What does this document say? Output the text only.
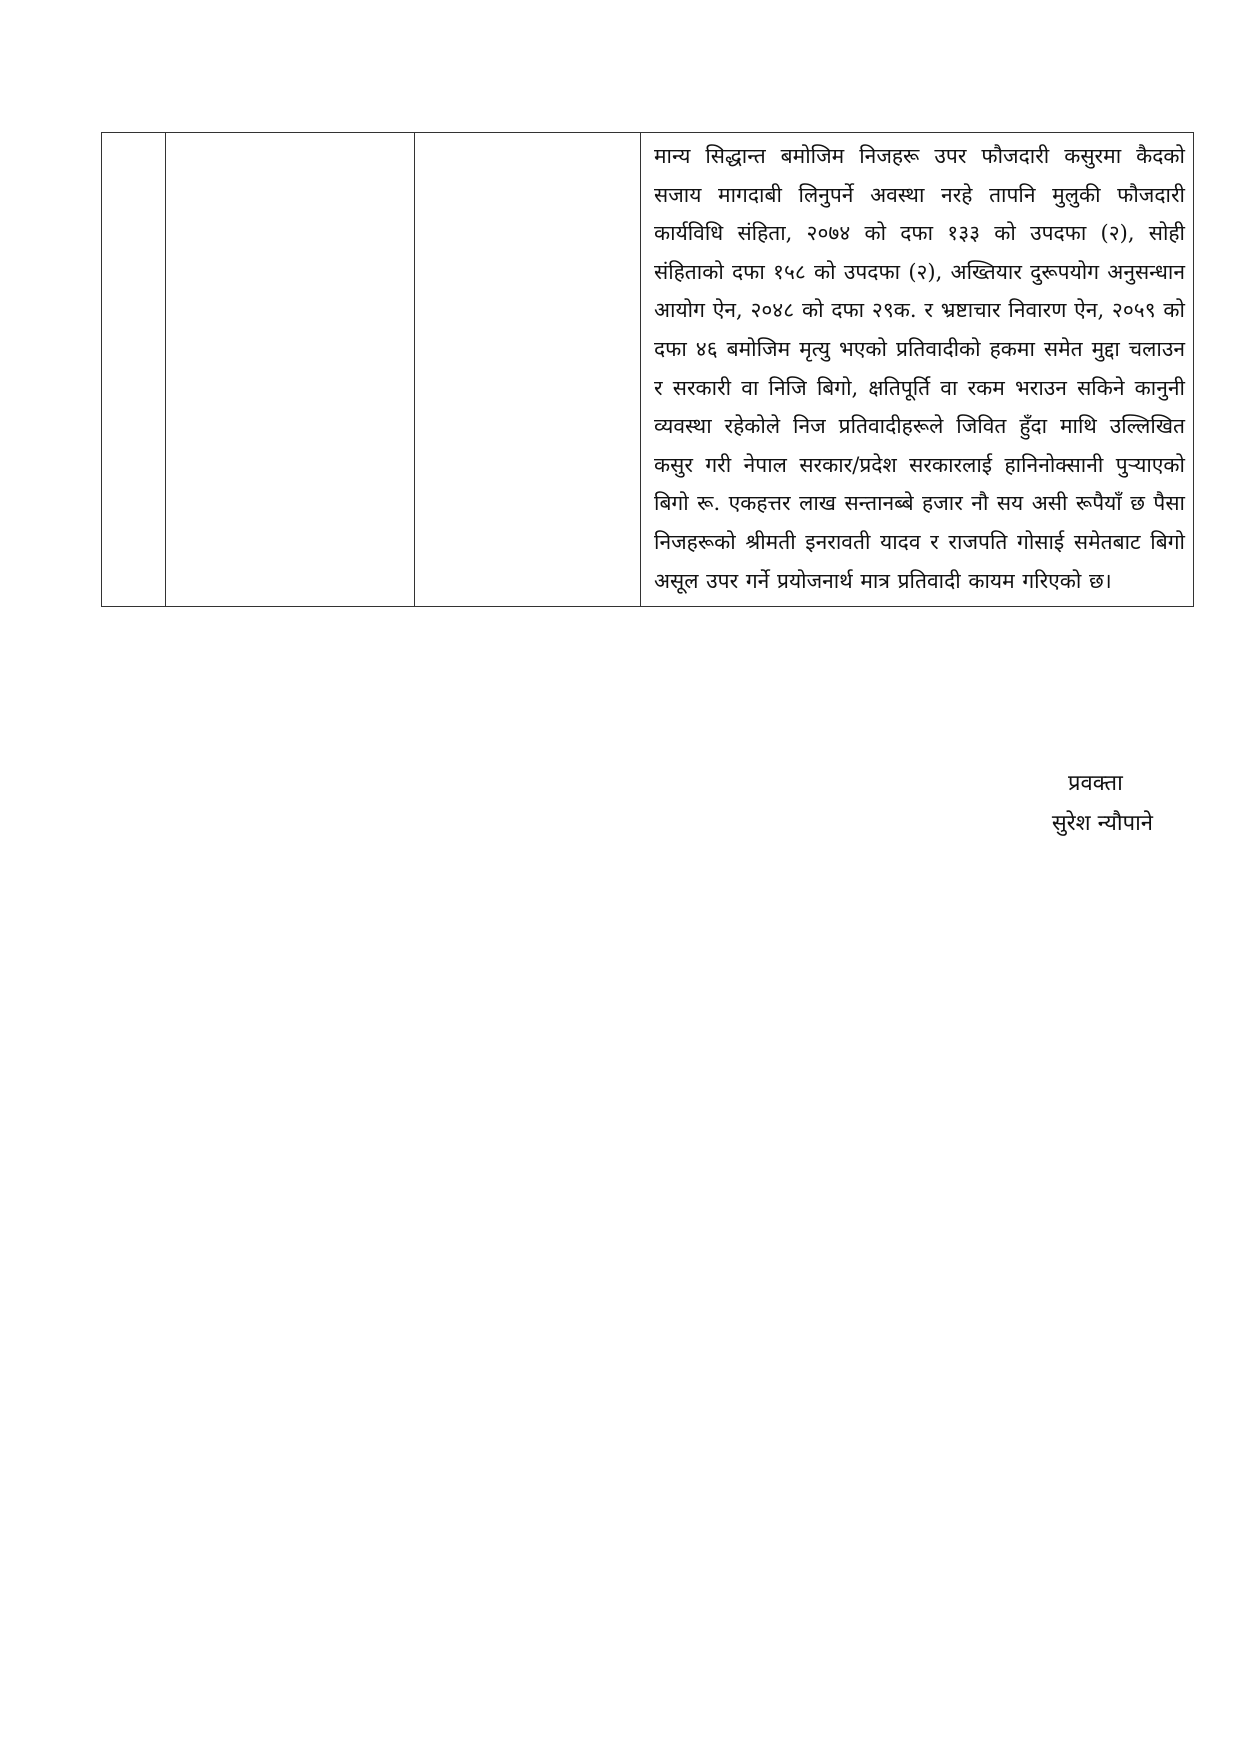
मान्य सिद्धान्त बमोजिम निजहरू उपर फौजदारी कसुरमा कैदको सजाय मागदाबी लिनुपर्ने अवस्था नरहे तापनि मुलुकी फौजदारी कार्यविधि संहिता, २०७४ को दफा १३३ को उपदफा (२), सोही संहिताको दफा १५८ को उपदफा (२), अख्तियार दुरूपयोग अनुसन्धान आयोग ऐन, २०४८ को दफा २९क. र भ्रष्टाचार निवारण ऐन, २०५९ को दफा ४६ बमोजिम मृत्यु भएको प्रतिवादीको हकमा समेत मुद्दा चलाउन र सरकारी वा निजि बिगो, क्षतिपूर्ति वा रकम भराउन सकिने कानुनी व्यवस्था रहेकोले निज प्रतिवादीहरूले जिवित हुँदा माथि उल्लिखित कसुर गरी नेपाल सरकार/प्रदेश सरकारलाई हानिनोक्सानी पुऱ्याएको बिगो रू. एकहत्तर लाख सन्तानब्बे हजार नौ सय असी रूपैयाँ छ पैसा निजहरूको श्रीमती इनरावती यादव र राजपति गोसाई समेतबाट बिगो असूल उपर गर्ने प्रयोजनार्थ मात्र प्रतिवादी कायम गरिएको छ।
प्रवक्ता
सुरेश न्यौपाने
